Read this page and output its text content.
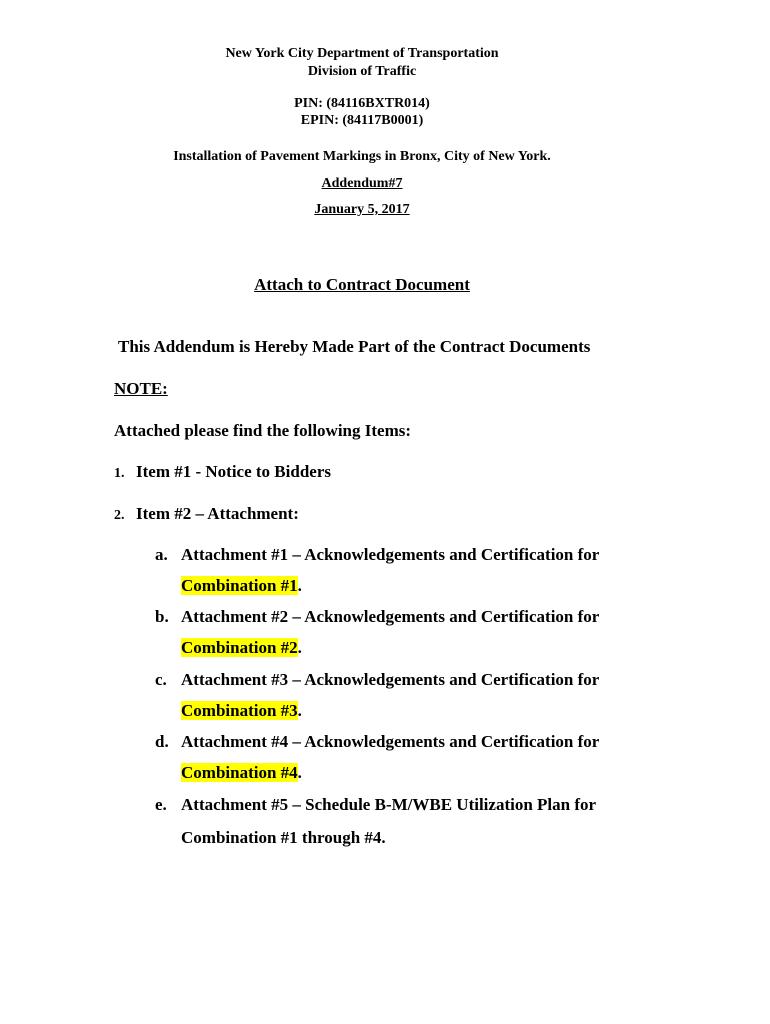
New York City Department of Transportation
Division of Traffic
PIN: (84116BXTR014)
EPIN: (84117B0001)
Installation of Pavement Markings in Bronx, City of New York.
Addendum#7
January 5, 2017
Attach to Contract Document
This Addendum is Hereby Made Part of the Contract Documents
NOTE:
Attached please find the following Items:
1. Item #1 - Notice to Bidders
2. Item #2 – Attachment:
a. Attachment #1 – Acknowledgements and Certification for
Combination #1.
b. Attachment #2 – Acknowledgements and Certification for
Combination #2.
c. Attachment #3 – Acknowledgements and Certification for
Combination #3.
d. Attachment #4 – Acknowledgements and Certification for
Combination #4.
e. Attachment #5 – Schedule B-M/WBE Utilization Plan for
Combination #1 through #4.
